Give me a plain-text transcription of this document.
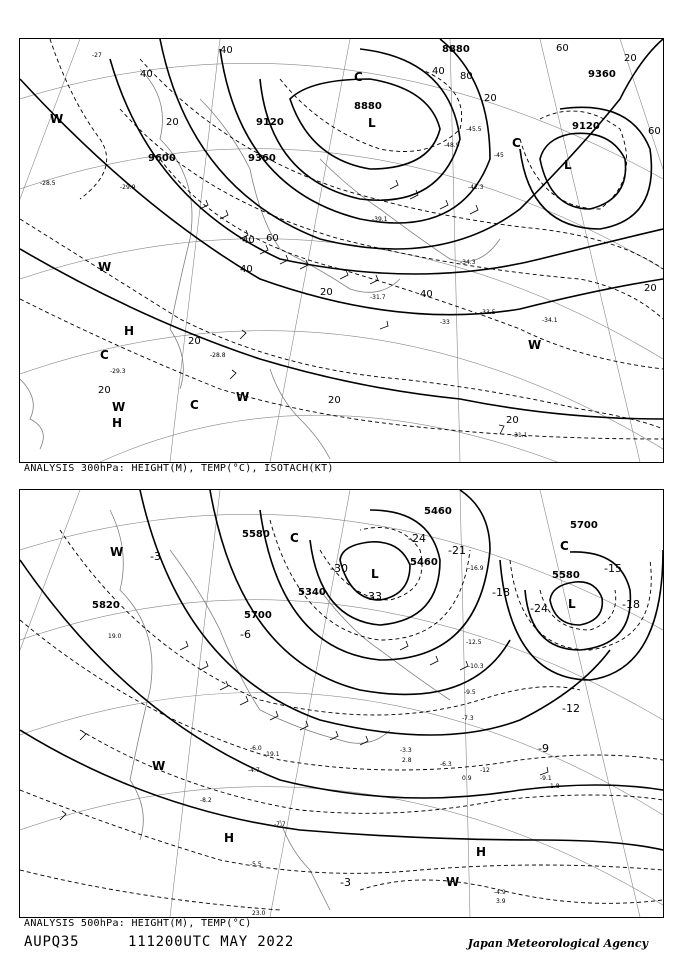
8880
9360
9120
9120
8880
9600	9360
40
40
20
60
40 80
20
60
20
40 60
20	40
20
40
20
20
20
20
-27
-28.5
-29.9
-31.7
-33.5
-34.3
-34.1
-31.1
-28.8
-29.3
-33
-39.1
-42.3
-45
-45.5
-48.9
L
L
H
H
C
C
C
C
W
W
W
W
W
ANALYSIS 300hPa: HEIGHT(M), TEMP(°C), ISOTACH(KT)
5580
5460
5700
5580
5460
5820
5700
5340	-33
-24
-21
-24
-15
-18
-3
-12
-9
-6
-3
-18
-30
-12
-9.1
-7.7
-5.5
-4.9
-3.3
-6.3
-7.3
-9.5
-10.3
-12.5
-16.9
-19.1
-8.2
-6.0
-4.7
2.8
0.9
1.8
3.9
23.0
19.0
L
L
H
H
C
C
W
W
W
ANALYSIS 500hPa: HEIGHT(M), TEMP(°C)
AUPQ35	111200UTC MAY 2022	Japan Meteorological Agency
